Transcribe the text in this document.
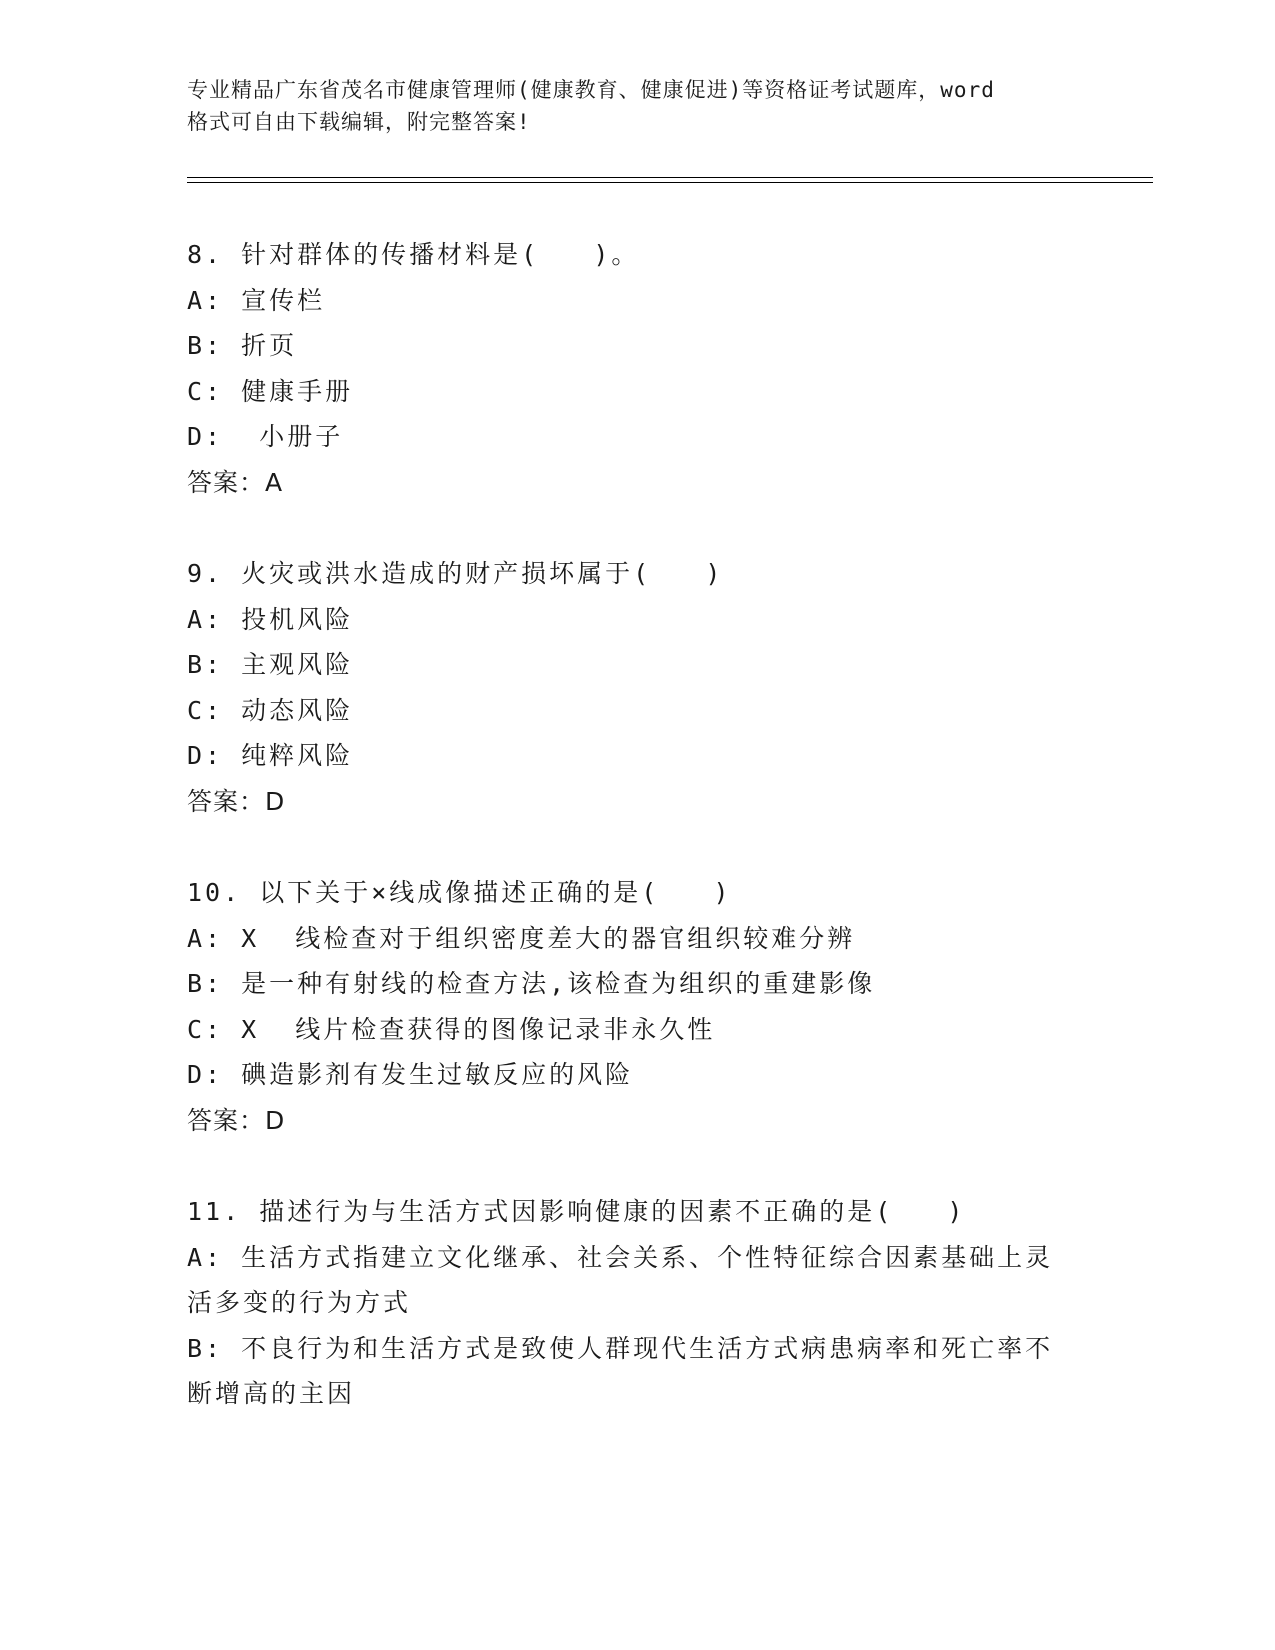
专业精品广东省茂名市健康管理师(健康教育、健康促进)等资格证考试题库，word
格式可自由下载编辑，附完整答案!
8. 针对群体的传播材料是(   )。
A: 宣传栏
B: 折页
C: 健康手册
D:  小册子
答案：A
9. 火灾或洪水造成的财产损坏属于(   )
A: 投机风险
B: 主观风险
C: 动态风险
D: 纯粹风险
答案：D
10. 以下关于×线成像描述正确的是(   )
A: X  线检查对于组织密度差大的器官组织较难分辨
B: 是一种有射线的检查方法,该检查为组织的重建影像
C: X  线片检查获得的图像记录非永久性
D: 碘造影剂有发生过敏反应的风险
答案：D
11. 描述行为与生活方式因影响健康的因素不正确的是(   )
A: 生活方式指建立文化继承、社会关系、个性特征综合因素基础上灵
活多变的行为方式
B: 不良行为和生活方式是致使人群现代生活方式病患病率和死亡率不
断增高的主因
